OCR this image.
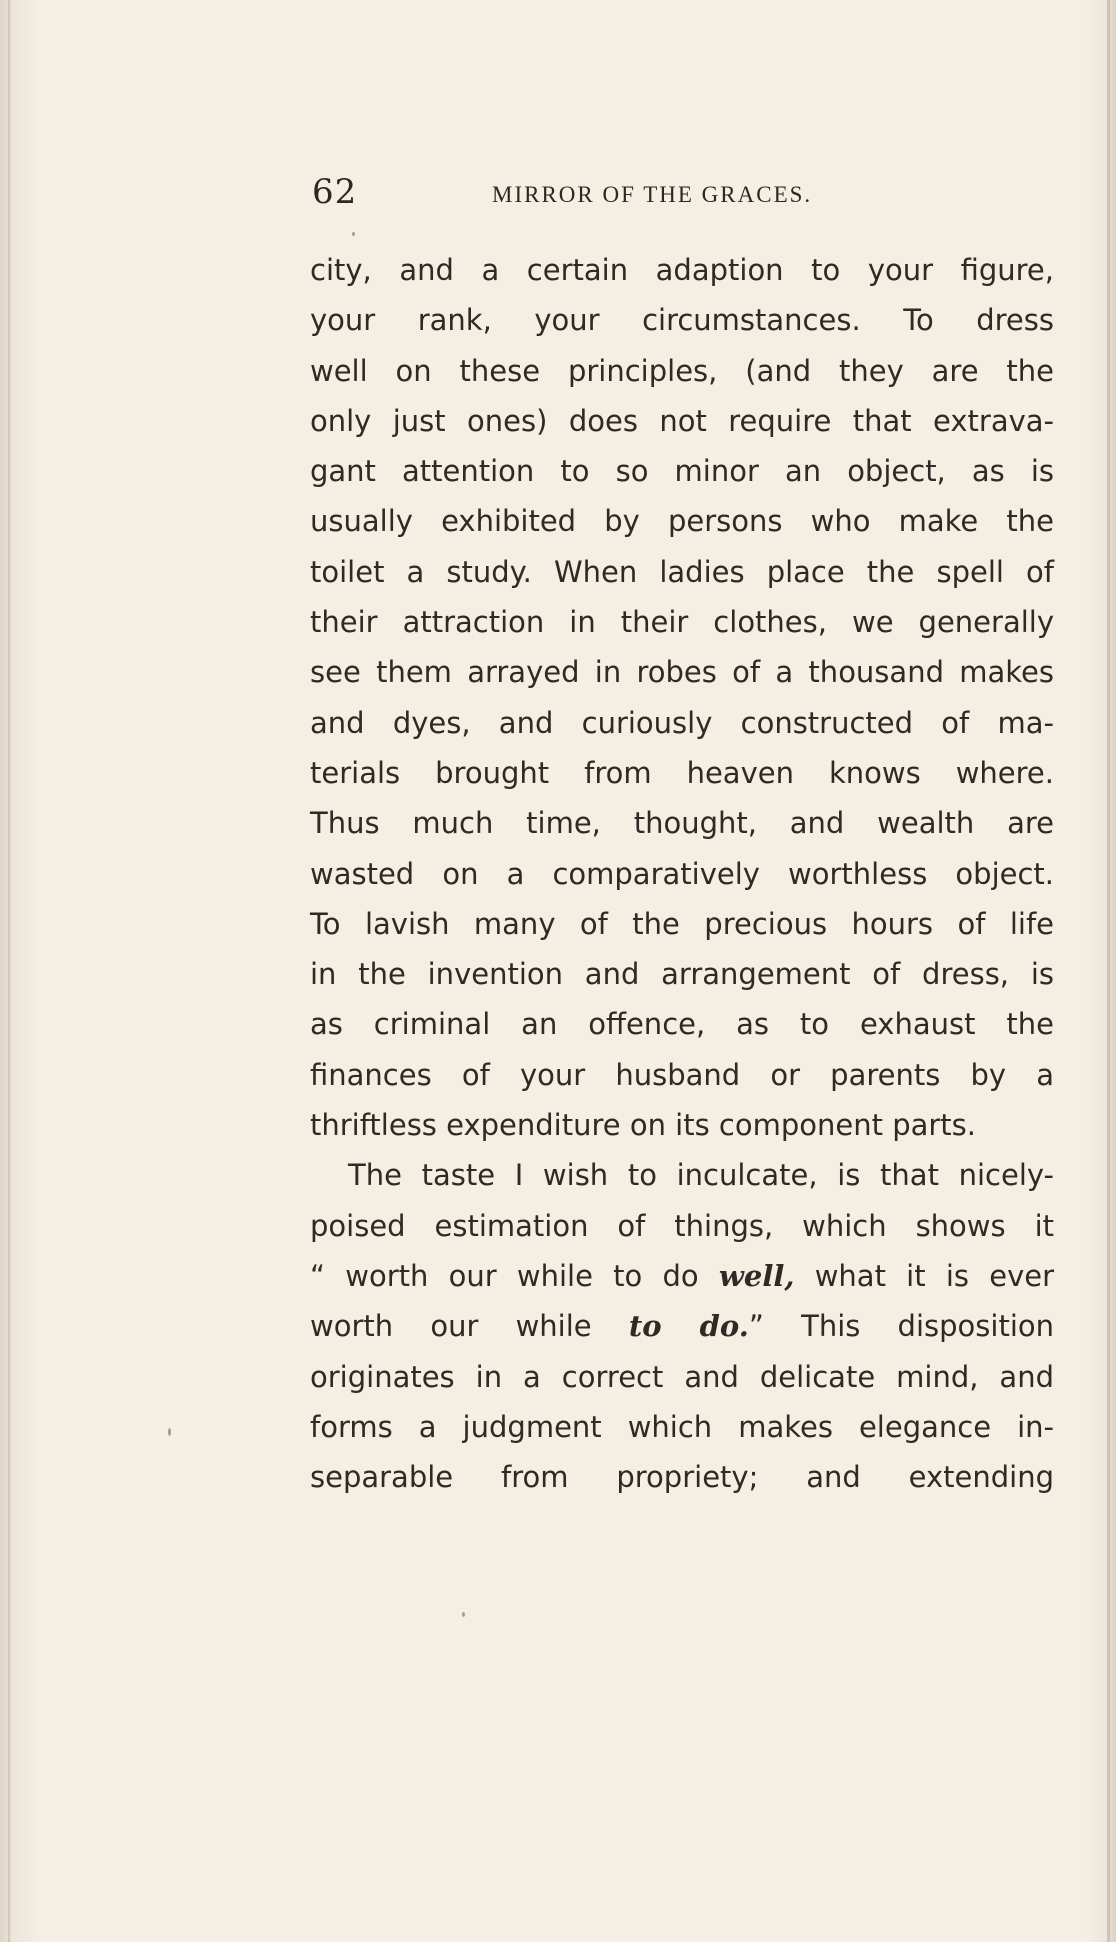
62	MIRROR OF THE GRACES.
city, and a certain adaption to your figure,
your rank, your circumstances. To dress
well on these principles, (and they are the
only just ones) does not require that extrava-
gant attention to so minor an object, as is
usually exhibited by persons who make the
toilet a study. When ladies place the spell of
their attraction in their clothes, we generally
see them arrayed in robes of a thousand makes
and dyes, and curiously constructed of ma-
terials brought from heaven knows where.
Thus much time, thought, and wealth are
wasted on a comparatively worthless object.
To lavish many of the precious hours of life
in the invention and arrangement of dress, is
as criminal an offence, as to exhaust the
finances of your husband or parents by a
thriftless expenditure on its component parts.
The taste I wish to inculcate, is that nicely-
poised estimation of things, which shows it
“ worth our while to do well, what it is ever
worth our while to do.” This disposition
originates in a correct and delicate mind, and
forms a judgment which makes elegance in-
separable from propriety; and extending
